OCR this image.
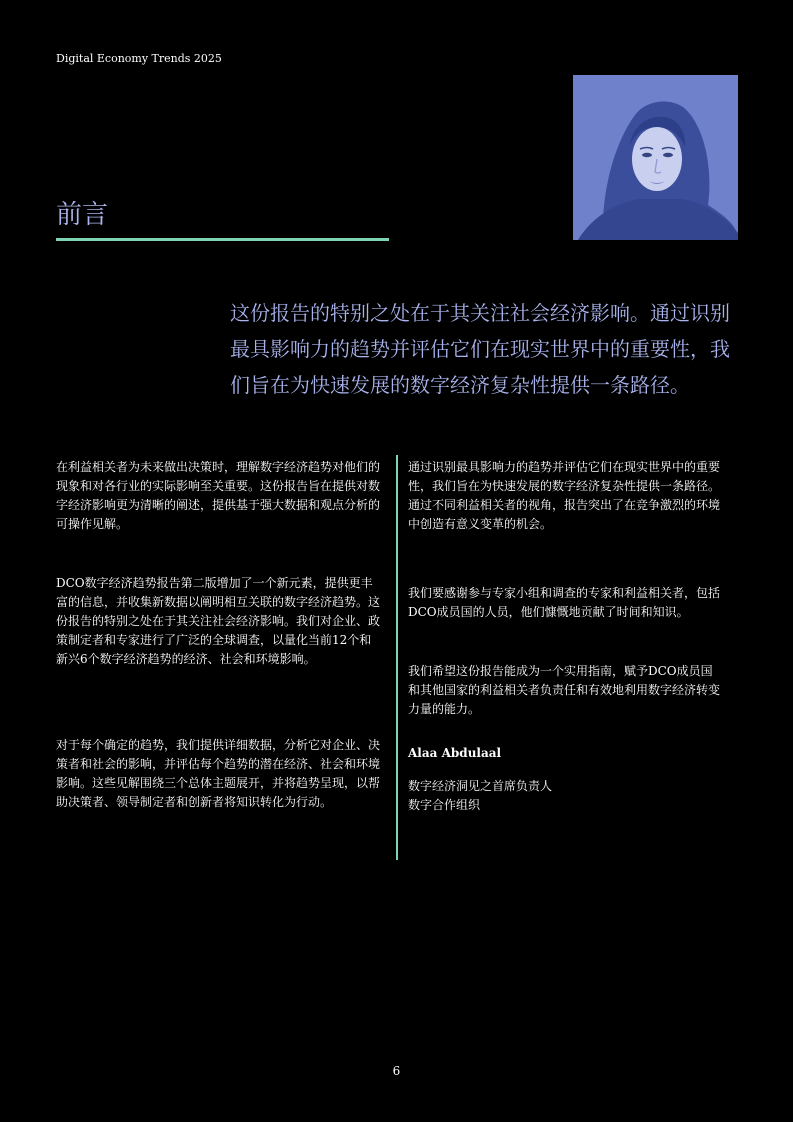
Digital Economy Trends 2025
前言
这份报告的特别之处在于其关注社会经济影响。通过识别最具影响力的趋势并评估它们在现实世界中的重要性，我们旨在为快速发展的数字经济复杂性提供一条路径。

在利益相关者为未来做出决策时，理解数字经济趋势对他们的现象和对各行业的实际影响至关重要。这份报告旨在提供对数字经济影响更为清晰的阐述，提供基于强大数据和观点分析的可操作见解。

DCO数字经济趋势报告第二版增加了一个新元素，提供更丰富的信息，并收集新数据以阐明相互关联的数字经济趋势。这份报告的特别之处在于其关注社会经济影响。我们对企业、政策制定者和专家进行了广泛的全球调查，以量化当前12个和新兴6个数字经济趋势的经济、社会和环境影响。

对于每个确定的趋势，我们提供详细数据，分析它对企业、决策者和社会的影响，并评估每个趋势的潜在经济、社会和环境影响。这些见解围绕三个总体主题展开，并将趋势呈现，以帮助决策者、领导制定者和创新者将知识转化为行动。

通过识别最具影响力的趋势并评估它们在现实世界中的重要性，我们旨在为快速发展的数字经济复杂性提供一条路径。通过不同利益相关者的视角，报告突出了在竞争激烈的环境中创造有意义变革的机会。

我们要感谢参与专家小组和调查的专家和利益相关者，包括DCO成员国的人员，他们慷慨地贡献了时间和知识。

我们希望这份报告能成为一个实用指南，赋予DCO成员国和其他国家的利益相关者负责任和有效地利用数字经济转变力量的能力。

Alaa Abdulaal

数字经济洞见之首席负责人

数字合作组织

6
